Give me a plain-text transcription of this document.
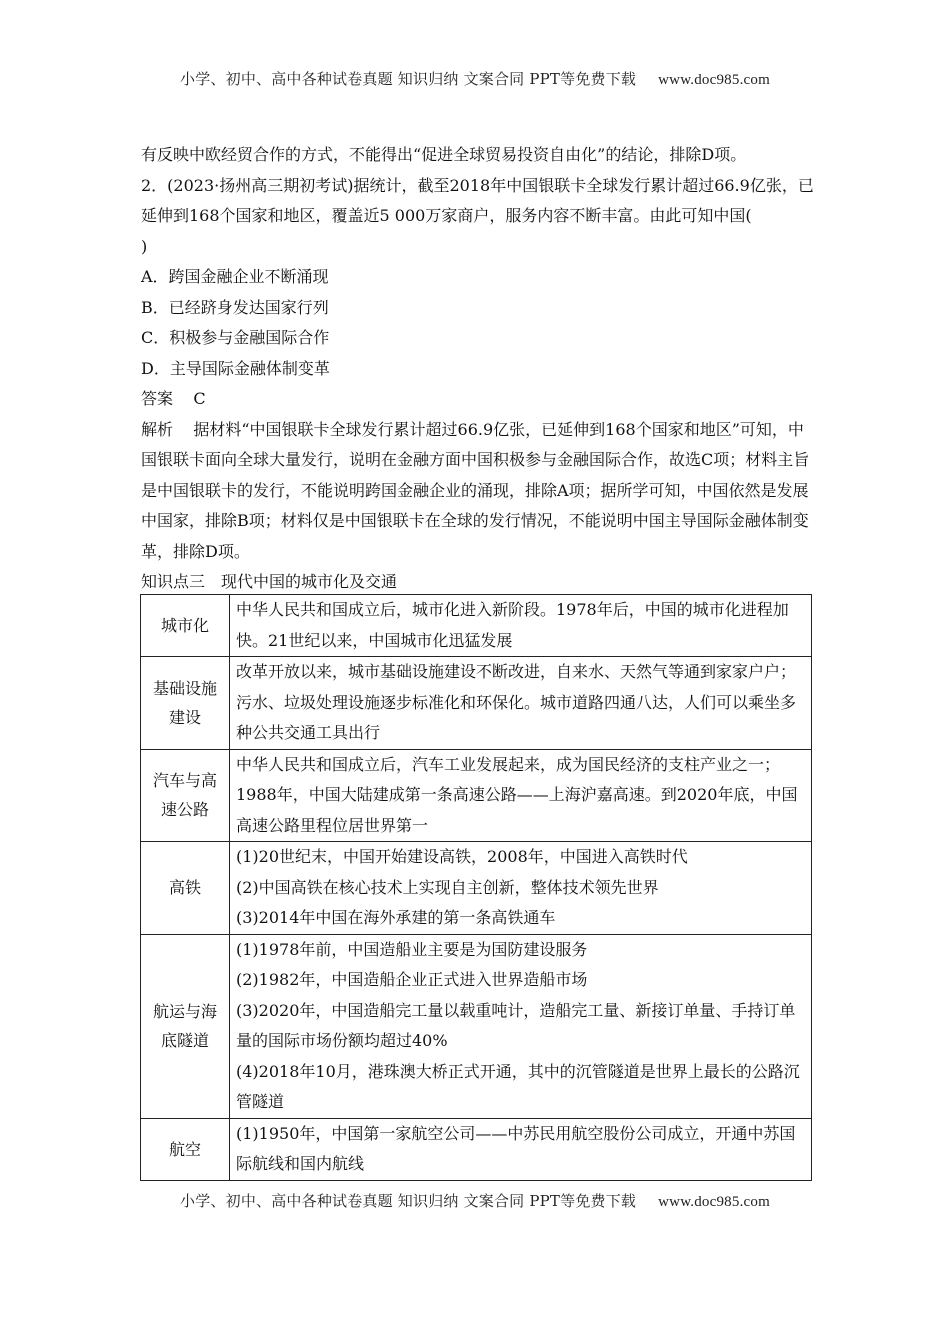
小学、初中、高中各种试卷真题 知识归纳 文案合同 PPT等免费下载 www.doc985.com

有反映中欧经贸合作的方式，不能得出“促进全球贸易投资自由化”的结论，排除D项。

2．(2023·扬州高三期初考试)据统计，截至2018年中国银联卡全球发行累计超过66.9亿张，已延伸到168个国家和地区，覆盖近5 000万家商户，服务内容不断丰富。由此可知中国(
)

A．跨国金融企业不断涌现

B．已经跻身发达国家行列

C．积极参与金融国际合作

D．主导国际金融体制变革

答案 C

解析 据材料“中国银联卡全球发行累计超过66.9亿张，已延伸到168个国家和地区”可知，中国银联卡面向全球大量发行，说明在金融方面中国积极参与金融国际合作，故选C项；材料主旨是中国银联卡的发行，不能说明跨国金融企业的涌现，排除A项；据所学可知，中国依然是发展中国家，排除B项；材料仅是中国银联卡在全球的发行情况，不能说明中国主导国际金融体制变革，排除D项。

知识点三　现代中国的城市化及交通

城市化	中华人民共和国成立后，城市化进入新阶段。1978年后，中国的城市化进程加快。21世纪以来，中国城市化迅猛发展

基础设施建设	改革开放以来，城市基础设施建设不断改进，自来水、天然气等通到家家户户；污水、垃圾处理设施逐步标准化和环保化。城市道路四通八达，人们可以乘坐多种公共交通工具出行

汽车与高速公路	中华人民共和国成立后，汽车工业发展起来，成为国民经济的支柱产业之一；1988年，中国大陆建成第一条高速公路——上海沪嘉高速。到2020年底，中国高速公路里程位居世界第一

高铁	(1)20世纪末，中国开始建设高铁，2008年，中国进入高铁时代
(2)中国高铁在核心技术上实现自主创新，整体技术领先世界
(3)2014年中国在海外承建的第一条高铁通车

航运与海底隧道	(1)1978年前，中国造船业主要是为国防建设服务
(2)1982年，中国造船企业正式进入世界造船市场
(3)2020年，中国造船完工量以载重吨计，造船完工量、新接订单量、手持订单量的国际市场份额均超过40%
(4)2018年10月，港珠澳大桥正式开通，其中的沉管隧道是世界上最长的公路沉管隧道

航空	(1)1950年，中国第一家航空公司——中苏民用航空股份公司成立，开通中苏国际航线和国内航线
小学、初中、高中各种试卷真题 知识归纳 文案合同 PPT等免费下载 www.doc985.com
